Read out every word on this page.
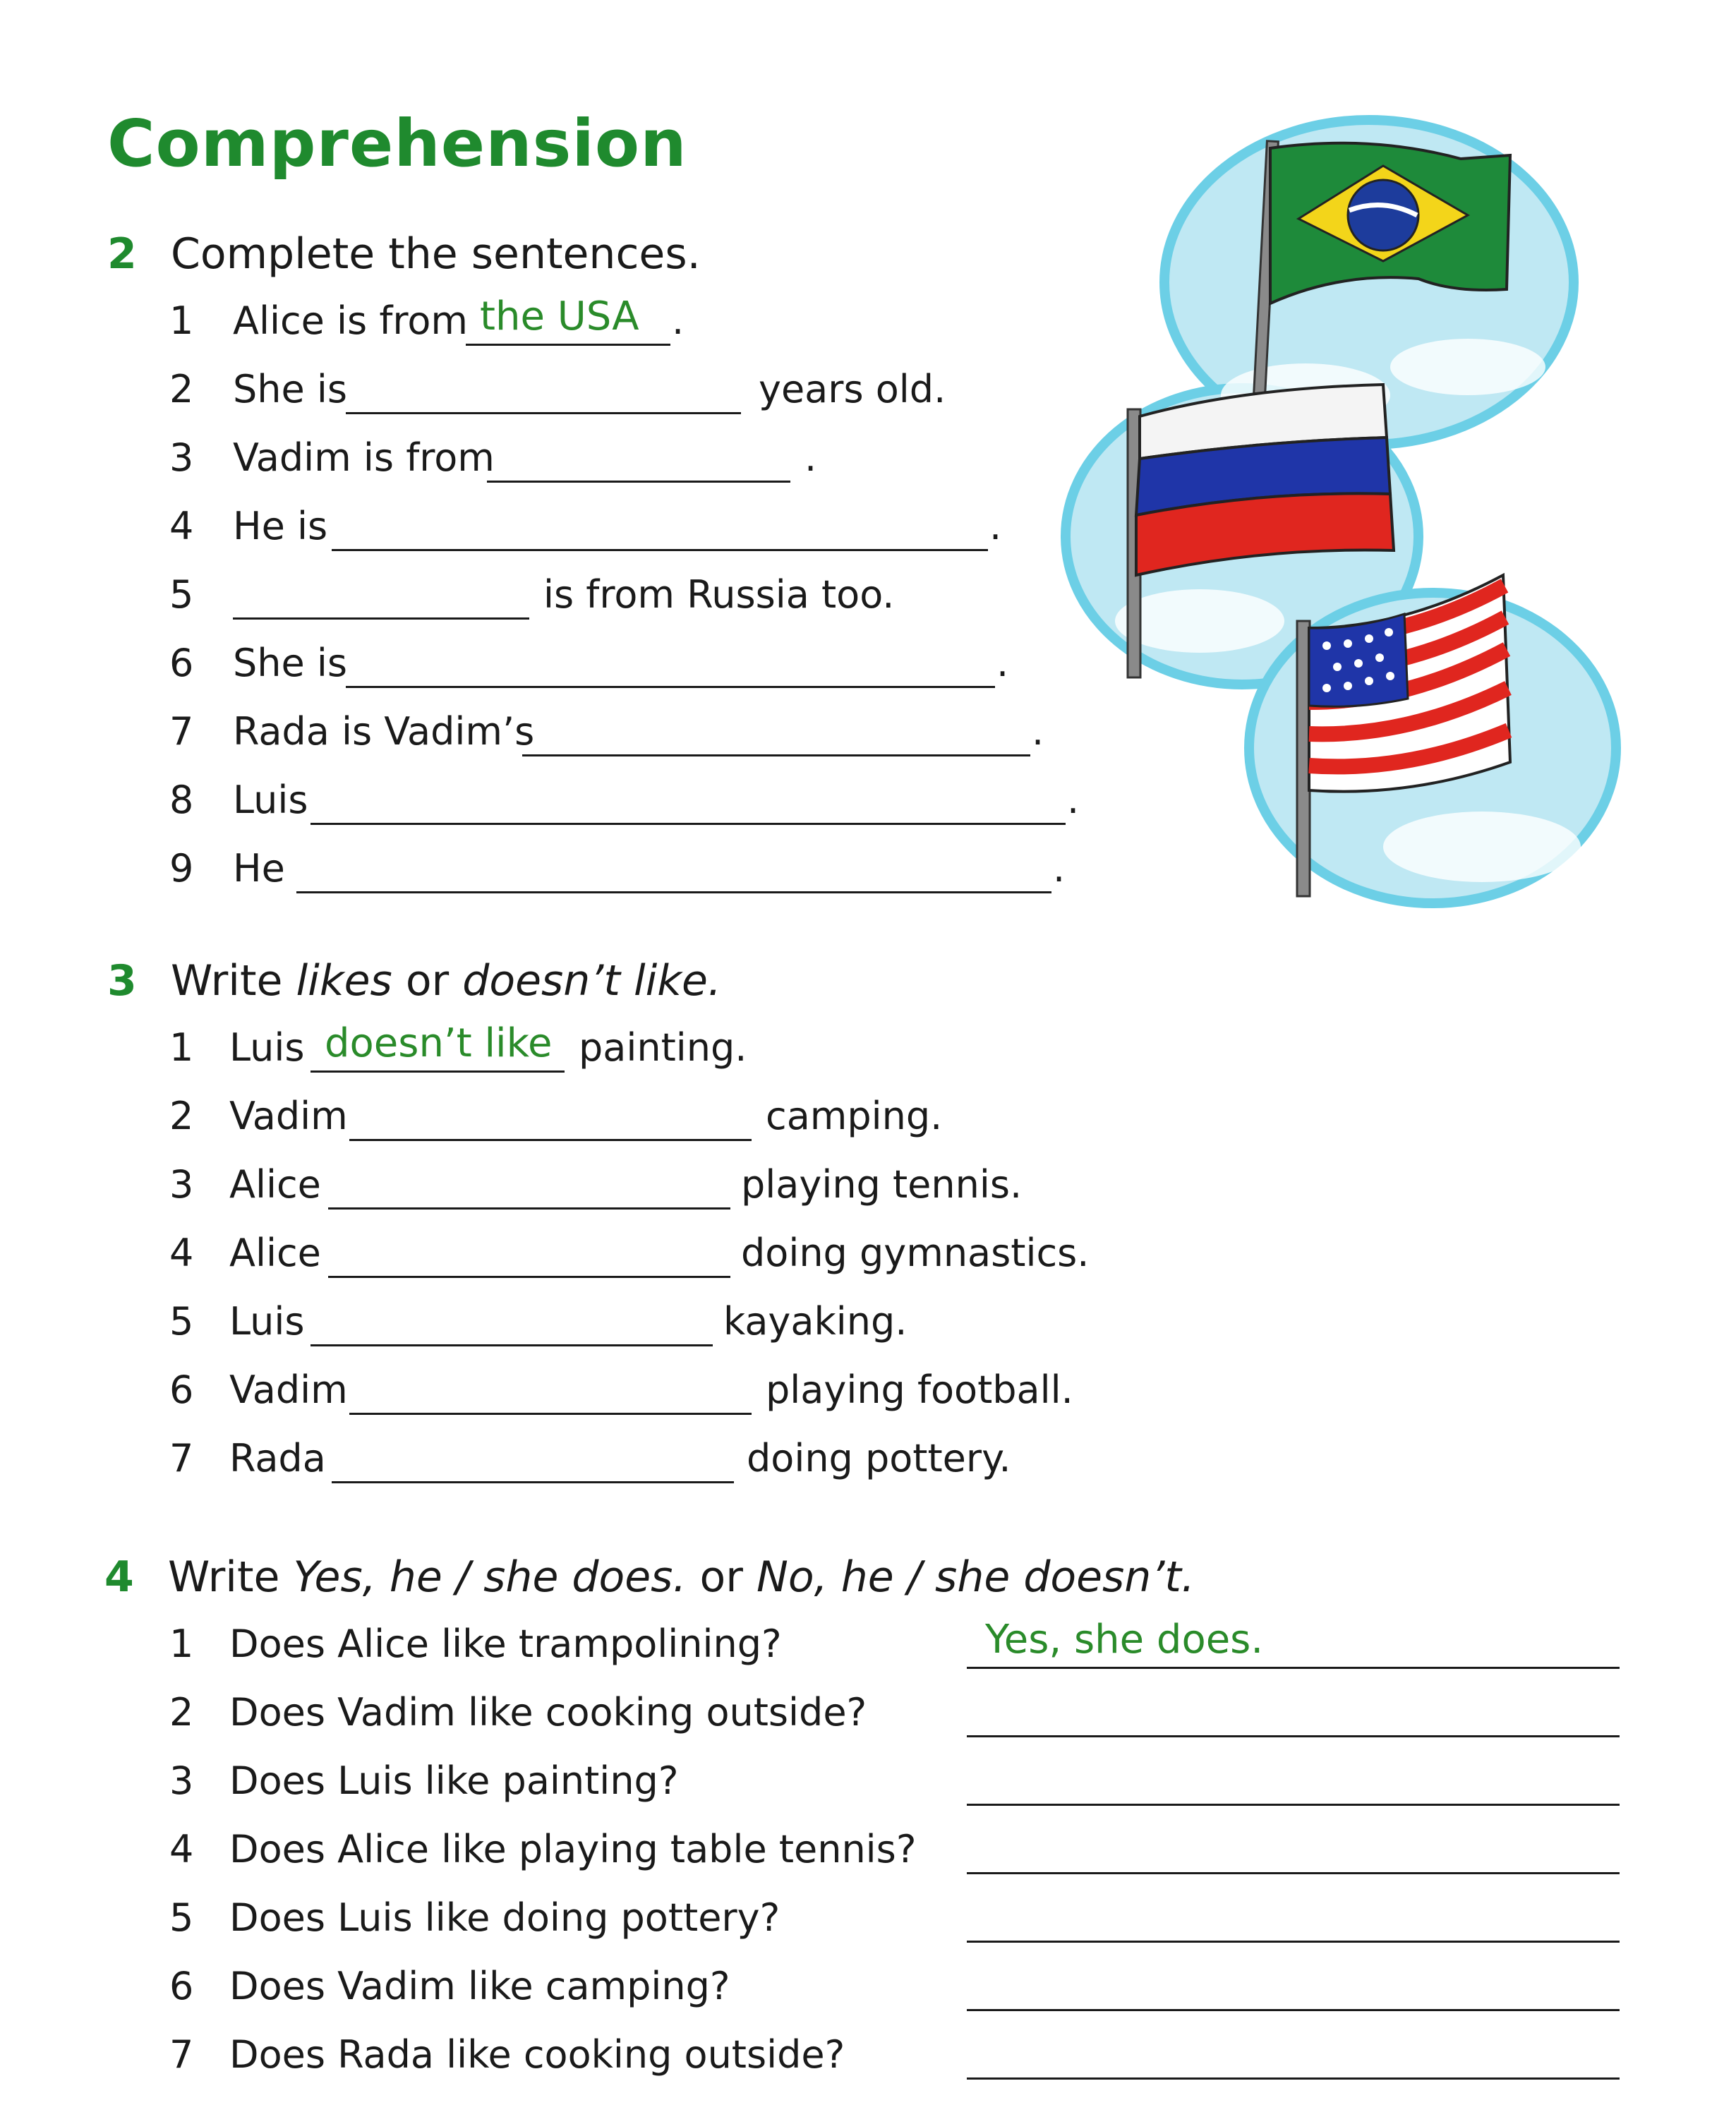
Comprehension
2 Complete the sentences.
1 Alice is from the USA .
2 She is	years old.
3 Vadim is from	.
4 He is	.
5	is from Russia too.
6 She is	.
7 Rada is Vadim’s	.
8 Luis	.
9 He	.
3 Write likes or doesn’t like.
1 Luis doesn’t like painting.
2 Vadim	camping.
3 Alice	playing tennis.
4 Alice	doing gymnastics.
5 Luis	kayaking.
6 Vadim	playing football.
7 Rada	doing pottery.
4 Write Yes, he / she does. or No, he / she doesn’t.
1 Does Alice like trampolining?	Yes, she does.
2 Does Vadim like cooking outside?
3 Does Luis like painting?
4 Does Alice like playing table tennis?
5 Does Luis like doing pottery?
6 Does Vadim like camping?
7 Does Rada like cooking outside?
